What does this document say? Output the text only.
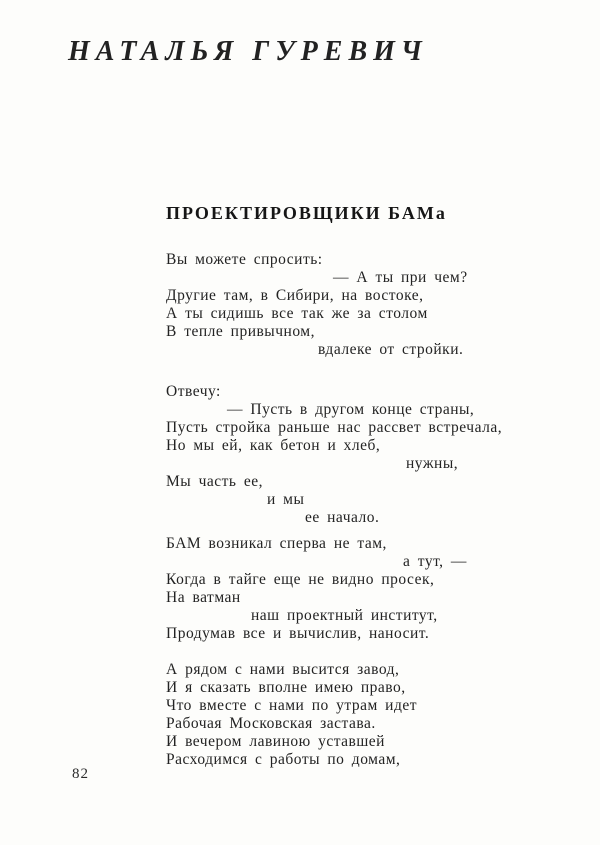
НАТАЛЬЯ ГУРЕВИЧ
ПРОЕКТИРОВЩИКИ БАМа
Вы можете спросить:
— А ты при чем?
Другие там, в Сибири, на востоке,
А ты сидишь все так же за столом
В тепле привычном,
вдалеке от стройки.
Отвечу:
— Пусть в другом конце страны,
Пусть стройка раньше нас рассвет встречала,
Но мы ей, как бетон и хлеб,
нужны,
Мы часть ее,
и мы
ее начало.
БАМ возникал сперва не там,
а тут, —
Когда в тайге еще не видно просек,
На ватман
наш проектный институт,
Продумав все и вычислив, наносит.
А рядом с нами высится завод,
И я сказать вполне имею право,
Что вместе с нами по утрам идет
Рабочая Московская застава.
И вечером лавиною уставшей
Расходимся с работы по домам,
82
